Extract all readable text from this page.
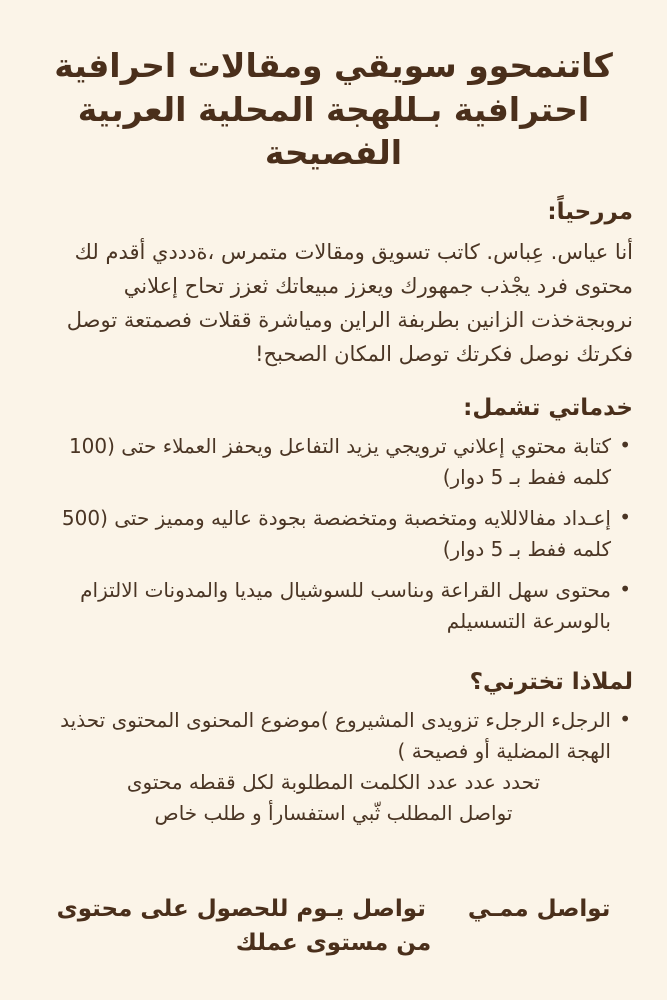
كاتنمحوو سويقي ومقالات احرافية احترافية بـللهجة المحلية العربية الفصيحة
مررحياً:

أنا عياس. عِباس. كاتب تسويق ومقالات متمرس ،ةدددي أقدم لك محتوى فرد يجْذب جمهورك ويعزز مبيعاتك ثعزز تحاح إعلاني نروبجةخذت الزانين بطربفة الراين ومياشرة ققلات فصمتعة توصل فكرتك نوصل فكرتك توصل المكان الصحبح!

خدماتي تشمل:
• كتابة محتوي إعلاني ترويجي يزيد التفاعل ويحفز العملاء حتى (100 كلمه ففط بـ 5 دوار)
• إعـداد مفالاللايه ومتخصبة ومتخضصة بجودة عاليه ومميز حتى (500 كلمه ففط بـ 5 دوار)
• محتوى سهل القراعة وىناسب للسوشيال ميديا والمدونات الالتزام بالوسرعة التسسيلم
لملاذا تخترني؟
• الرجلء الرجلء تزويدى المشيروع )موضوع المحنوى المحتوى تحذيد الهجة المضلية أو فصيحة )
تحدد عدد عدد الكلمت المطلوبة لكل ققطه محتوى
تواصل المطلب ثّبي استفسارأ و طلب خاص
تواصل ممـي  تواصل يـوم للحصول على محتوى
من مستوى عملك
